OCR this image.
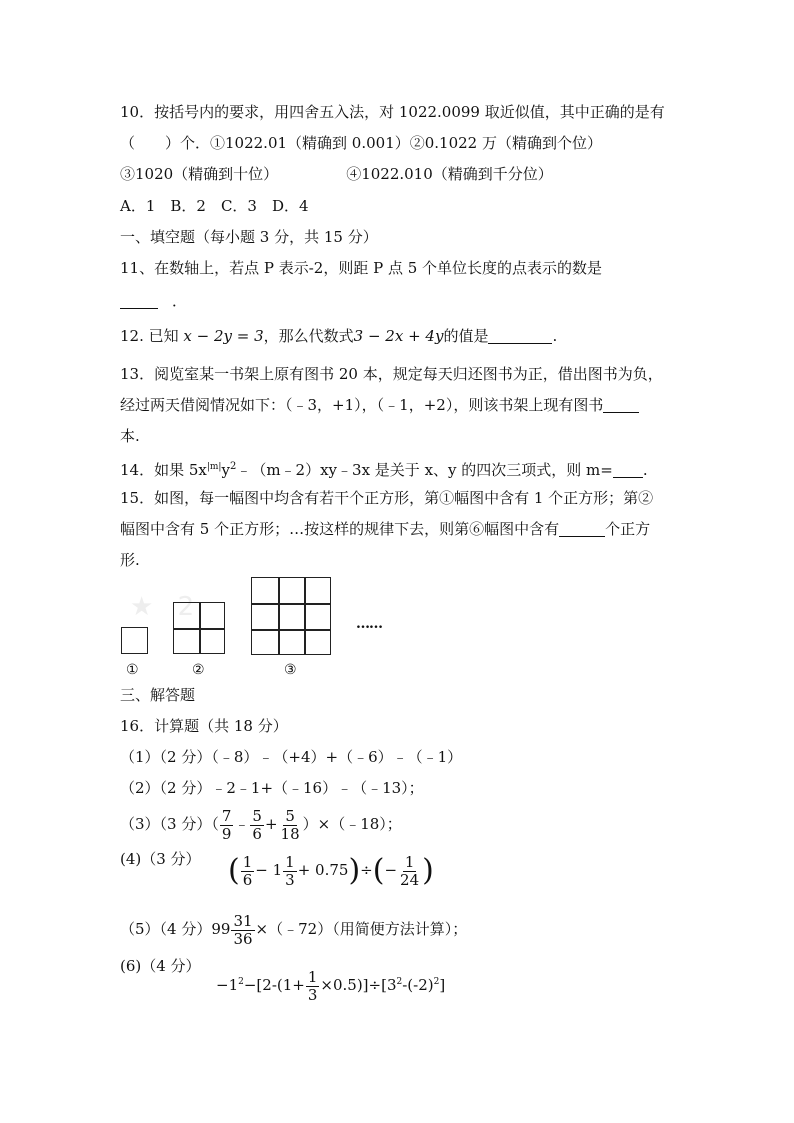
10．按括号内的要求，用四舍五入法，对 1022.0099 取近似值，其中正确的是有
（　　）个．①1022.01（精确到 0.001）②0.1022 万（精确到个位）
③1020（精确到十位）	④1022.010（精确到千分位）
A．1　B．2　C．3　D．4
一、填空题（每小题 3 分，共 15 分）
11、在数轴上，若点 P 表示-2，则距 P 点 5 个单位长度的点表示的数是
．
12. 已知 x − 2y = 3，那么代数式3 − 2x + 4y的值是	.
13．阅览室某一书架上原有图书 20 本，规定每天归还图书为正，借出图书为负，
经过两天借阅情况如下：（﹣3，+1），（﹣1，+2），则该书架上现有图书
本.
14．如果 $5x^{|m|}y^2﹣(m﹣2)xy﹣3x$ 是关于 x、y 的四次三项式，则 m= .
15．如图，每一幅图中均含有若干个正方形，第①幅图中含有 1 个正方形；第②
幅图中含有 5 个正方形；…按这样的规律下去，则第⑥幅图中含有	个正方
形.
★ 2
……
①	②	③
三、解答题
16．计算题（共 18 分）
（1）（2 分）（﹣8）﹣（+4）+（﹣6）﹣（﹣1）
（2）（2 分）﹣2﹣1+（﹣16）﹣（﹣13）；
（3）（3 分）（ $\frac{7}{9}$ ﹣ $\frac{5}{6} + \frac{5}{18}$ ）×（﹣18）；
(4)（3 分） ( $\frac{1}{6} - 1 \frac{1}{3} + 0.75)\div(- \frac{1}{24}$ )
（5）（4 分）$99 \frac{31}{36}$ ×（﹣72）（用简便方法计算）；
(6)（4 分）
$-1^2-[2-(1+ \frac{1}{3} \times 0.5)]\div[3^2-(-2)^2]$
